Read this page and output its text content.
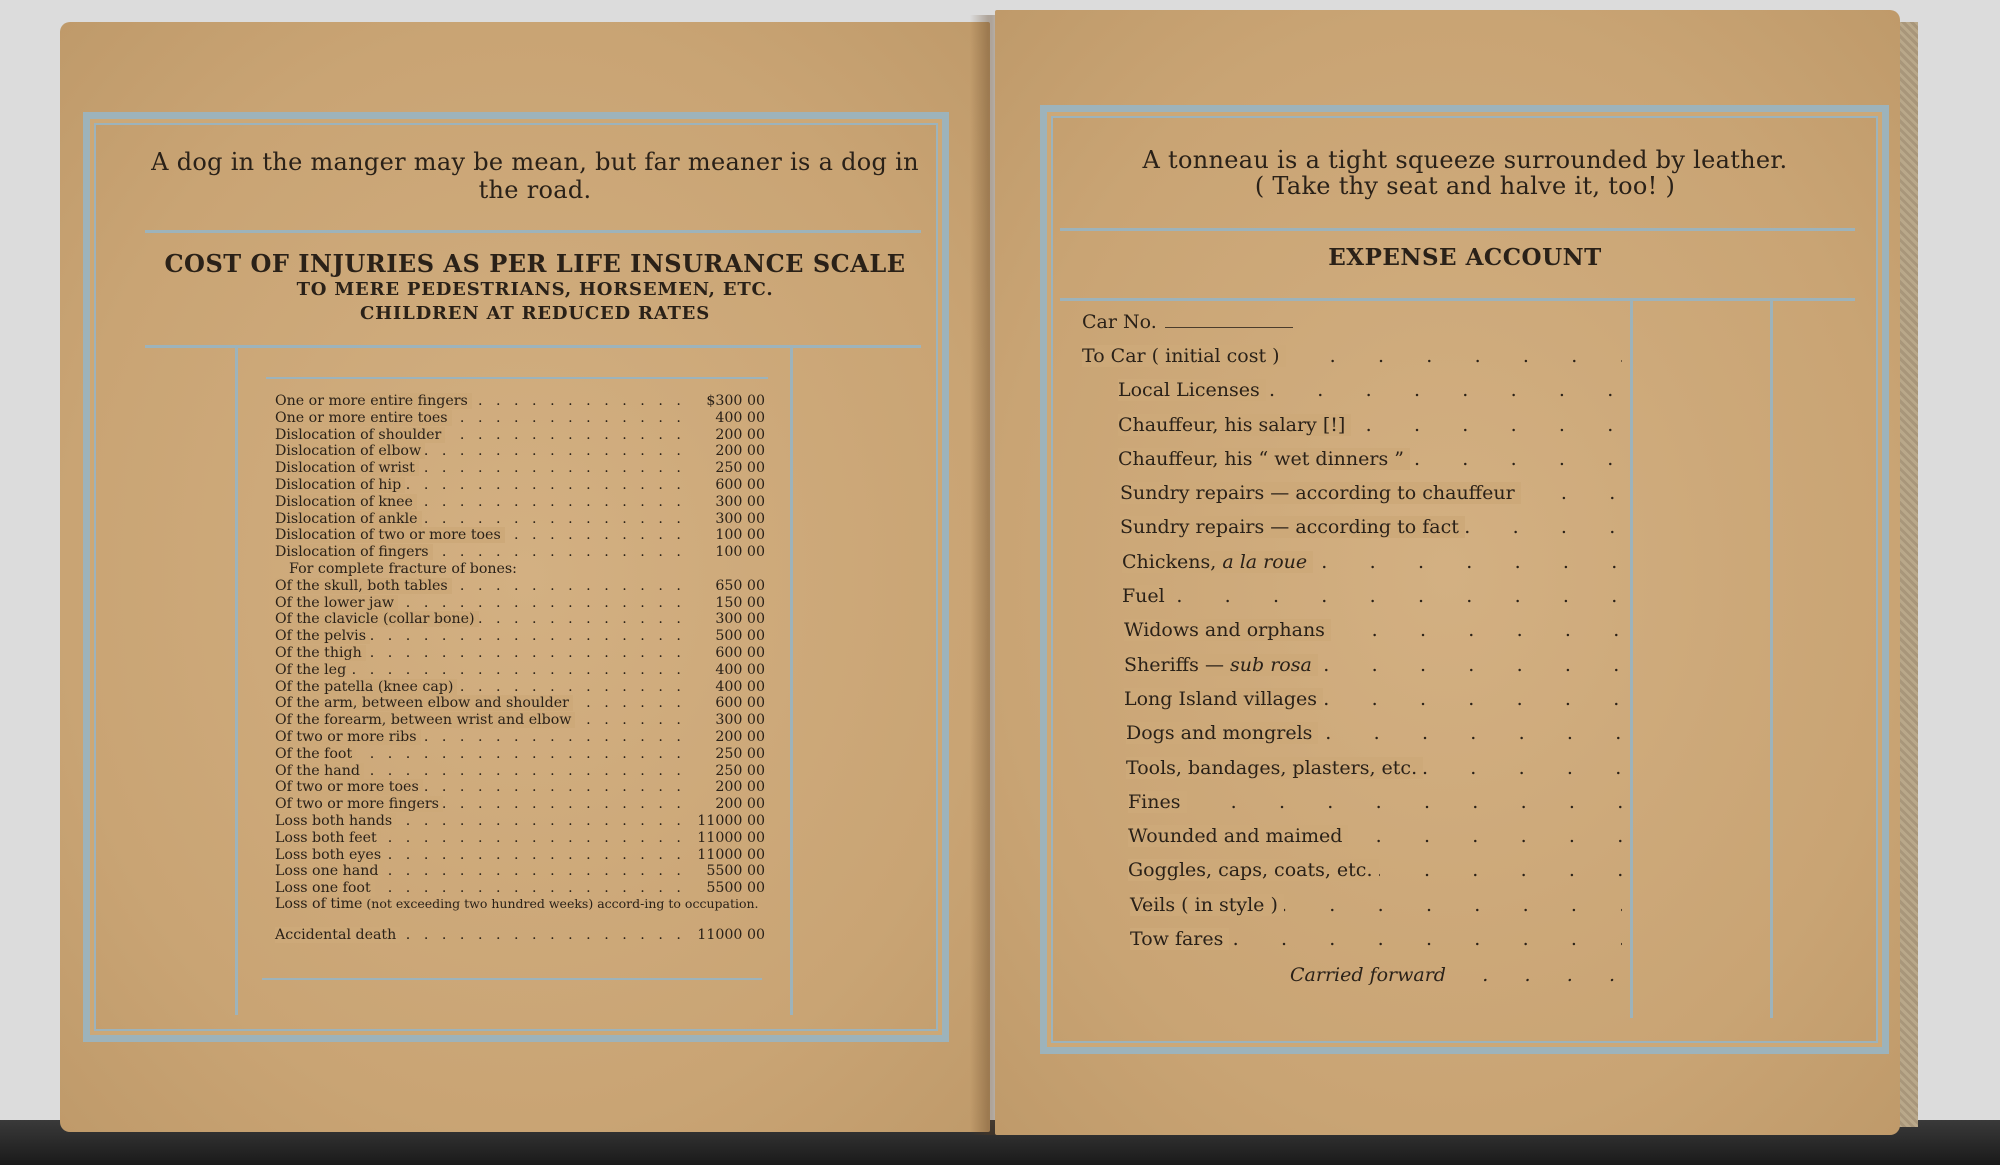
A dog in the manger may be mean, but far meaner is a dog in the road.
COST OF INJURIES AS PER LIFE INSURANCE SCALE
TO MERE PEDESTRIANS, HORSEMEN, ETC.
CHILDREN AT REDUCED RATES
. .
One or more entire fingers	$300 00
. .
One or more entire toes	400 00
. .
Dislocation of shoulder	200 00
. .
Dislocation of elbow	200 00
. .
Dislocation of wrist	250 00
. .
Dislocation of hip	600 00
. .
Dislocation of knee	300 00
. .
Dislocation of ankle	300 00
. .
Dislocation of two or more toes	100 00
. .
Dislocation of fingers	100 00
For complete fracture of bones:
. .
Of the skull, both tables	650 00
. .
Of the lower jaw	150 00
. .
Of the clavicle (collar bone)	300 00
. .
Of the pelvis	500 00
. .
Of the thigh	600 00
. .
Of the leg	400 00
. .
Of the patella (knee cap)	400 00
. .
Of the arm, between elbow and shoulder	600 00
. .
Of the forearm, between wrist and elbow	300 00
. .
Of two or more ribs	200 00
. .
Of the foot	250 00
. .
Of the hand	250 00
. .
Of two or more toes	200 00
. .
Of two or more fingers	200 00
. .
Loss both hands	11000 00
. .
Loss both feet	11000 00
. .
Loss both eyes	11000 00
. .
Loss one hand	5500 00
. .
Loss one foot	5500 00
Loss of time (not exceeding two hundred weeks) accord-ing to occupation.
. .
Accidental death	11000 00
A tonneau is a tight squeeze surrounded by leather.
( Take thy seat and halve it, too! )
EXPENSE ACCOUNT
Car No.
.
To Car ( initial cost )
.
Local Licenses
.
Chauffeur, his salary [!]
.
Chauffeur, his “ wet dinners ”
.
Sundry repairs — according to chauffeur
.
Sundry repairs — according to fact
.
Chickens, a la roue
.
Fuel
.
Widows and orphans
.
Sheriffs — sub rosa
.
Long Island villages
.
Dogs and mongrels
.
Tools, bandages, plasters, etc.
.
Fines
.
Wounded and maimed
.
Goggles, caps, coats, etc.
.
Veils ( in style )
.
Tow fares
Carried forward      .      .      .      .
